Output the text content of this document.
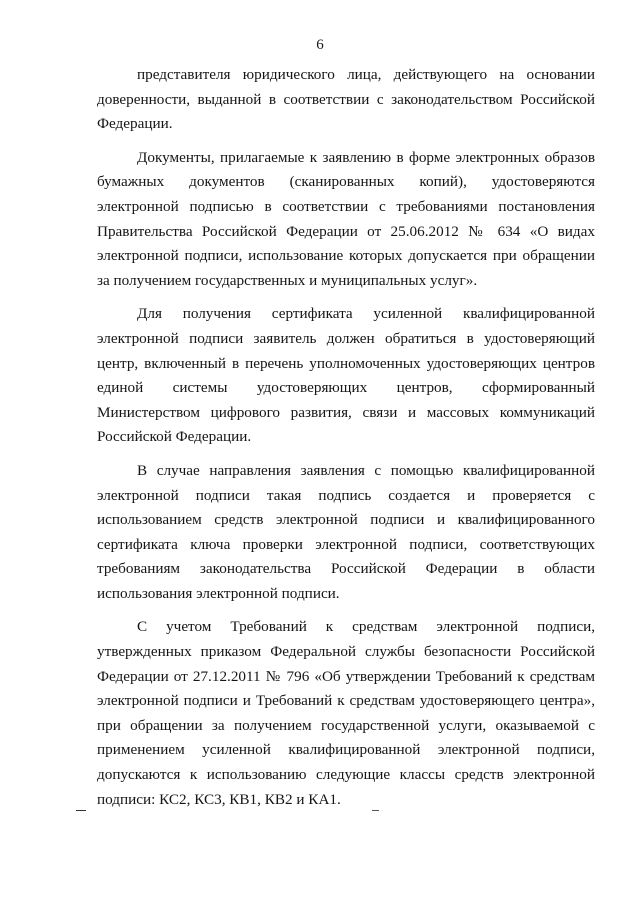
6

представителя юридического лица, действующего на основании доверенности, выданной в соответствии с законодательством Российской Федерации.

Документы, прилагаемые к заявлению в форме электронных образов бумажных документов (сканированных копий), удостоверяются электронной подписью в соответствии с требованиями постановления Правительства Российской Федерации от 25.06.2012 № 634 «О видах электронной подписи, использование которых допускается при обращении за получением государственных и муниципальных услуг».

Для получения сертификата усиленной квалифицированной электронной подписи заявитель должен обратиться в удостоверяющий центр, включенный в перечень уполномоченных удостоверяющих центров единой системы удостоверяющих центров, сформированный Министерством цифрового развития, связи и массовых коммуникаций Российской Федерации.

В случае направления заявления с помощью квалифицированной электронной подписи такая подпись создается и проверяется с использованием средств электронной подписи и квалифицированного сертификата ключа проверки электронной подписи, соответствующих требованиям законодательства Российской Федерации в области использования электронной подписи.

С учетом Требований к средствам электронной подписи, утвержденных приказом Федеральной службы безопасности Российской Федерации от 27.12.2011 № 796 «Об утверждении Требований к средствам электронной подписи и Требований к средствам удостоверяющего центра», при обращении за получением государственной услуги, оказываемой с применением усиленной квалифицированной электронной подписи, допускаются к использованию следующие классы средств электронной подписи: КС2, КС3, КВ1, КВ2 и КА1.
